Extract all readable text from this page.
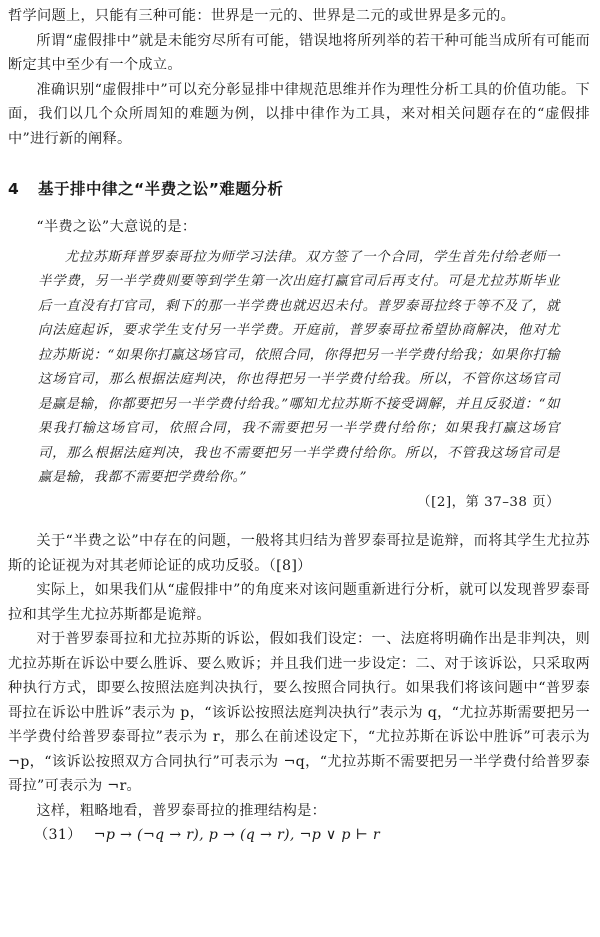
哲学问题上，只能有三种可能：世界是一元的、世界是二元的或世界是多元的。

所谓“虚假排中”就是未能穷尽所有可能，错误地将所列举的若干种可能当成所有可能而断定其中至少有一个成立。

准确识别“虚假排中”可以充分彰显排中律规范思维并作为理性分析工具的价值功能。下面，我们以几个众所周知的难题为例，以排中律作为工具，来对相关问题存在的“虚假排中”进行新的阐释。

4 基于排中律之“半费之讼”难题分析

“半费之讼”大意说的是：

尤拉苏斯拜普罗泰哥拉为师学习法律。双方签了一个合同，学生首先付给老师一半学费，另一半学费则要等到学生第一次出庭打赢官司后再支付。可是尤拉苏斯毕业后一直没有打官司，剩下的那一半学费也就迟迟未付。普罗泰哥拉终于等不及了，就向法庭起诉，要求学生支付另一半学费。开庭前，普罗泰哥拉希望协商解决，他对尤拉苏斯说：“如果你打赢这场官司，依照合同，你得把另一半学费付给我；如果你打输这场官司，那么根据法庭判决，你也得把另一半学费付给我。所以，不管你这场官司是赢是输，你都要把另一半学费付给我。”哪知尤拉苏斯不接受调解，并且反驳道：“如果我打输这场官司，依照合同，我不需要把另一半学费付给你；如果我打赢这场官司，那么根据法庭判决，我也不需要把另一半学费付给你。所以，不管我这场官司是赢是输，我都不需要把学费给你。”
（[2]，第 37–38 页）

关于“半费之讼”中存在的问题，一般将其归结为普罗泰哥拉是诡辩，而将其学生尤拉苏斯的论证视为对其老师论证的成功反驳。（[8]）

实际上，如果我们从“虚假排中”的角度来对该问题重新进行分析，就可以发现普罗泰哥拉和其学生尤拉苏斯都是诡辩。

对于普罗泰哥拉和尤拉苏斯的诉讼，假如我们设定：一、法庭将明确作出是非判决，则尤拉苏斯在诉讼中要么胜诉、要么败诉；并且我们进一步设定：二、对于该诉讼，只采取两种执行方式，即要么按照法庭判决执行，要么按照合同执行。如果我们将该问题中“普罗泰哥拉在诉讼中胜诉”表示为 p，“该诉讼按照法庭判决执行”表示为 q，“尤拉苏斯需要把另一半学费付给普罗泰哥拉”表示为 r，那么在前述设定下，“尤拉苏斯在诉讼中胜诉”可表示为 ¬p，“该诉讼按照双方合同执行”可表示为 ¬q，“尤拉苏斯不需要把另一半学费付给普罗泰哥拉”可表示为 ¬r。

这样，粗略地看，普罗泰哥拉的推理结构是：

（31） ¬p → (¬q → r), p → (q → r), ¬p ∨ p ⊢ r
